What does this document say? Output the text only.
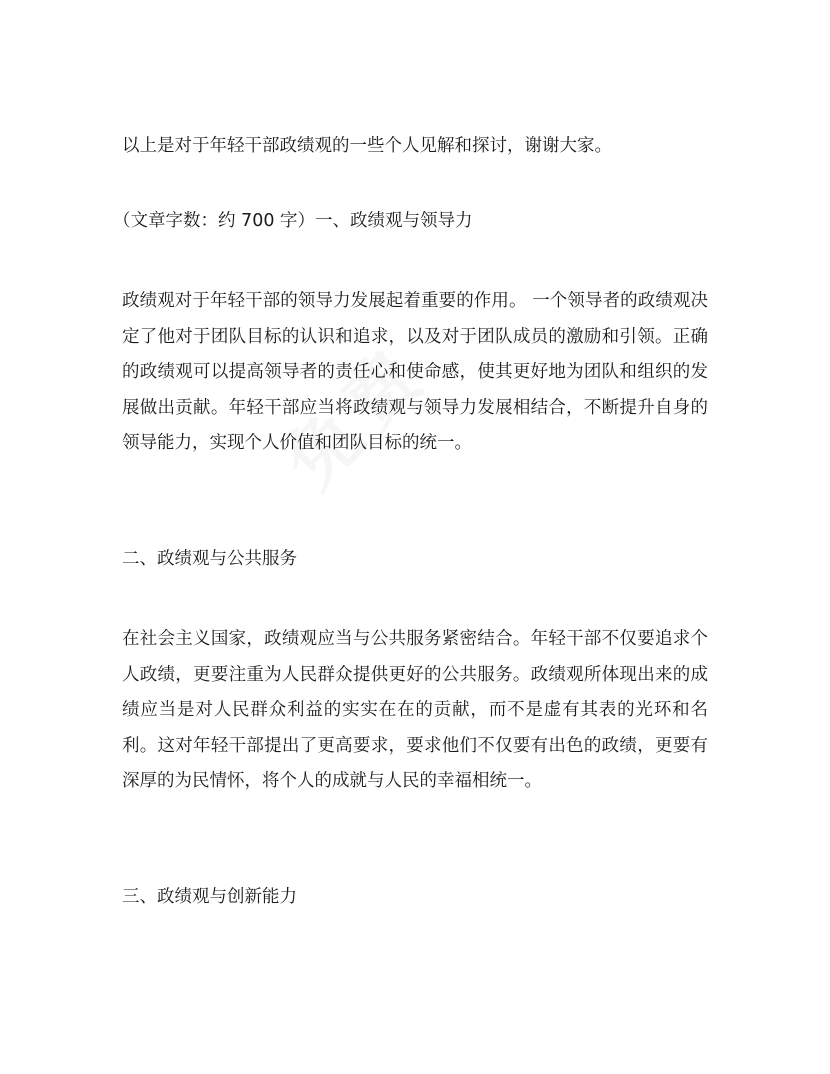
以上是对于年轻干部政绩观的一些个人见解和探讨，谢谢大家。

（文章字数：约 700 字）一、政绩观与领导力

政绩观对于年轻干部的领导力发展起着重要的作用。 一个领导者的政绩观决定了他对于团队目标的认识和追求，以及对于团队成员的激励和引领。正确的政绩观可以提高领导者的责任心和使命感，使其更好地为团队和组织的发展做出贡献。年轻干部应当将政绩观与领导力发展相结合，不断提升自身的领导能力，实现个人价值和团队目标的统一。

二、政绩观与公共服务

在社会主义国家，政绩观应当与公共服务紧密结合。年轻干部不仅要追求个人政绩，更要注重为人民群众提供更好的公共服务。政绩观所体现出来的成绩应当是对人民群众利益的实实在在的贡献，而不是虚有其表的光环和名利。这对年轻干部提出了更高要求，要求他们不仅要有出色的政绩，更要有深厚的为民情怀，将个人的成就与人民的幸福相统一。

三、政绩观与创新能力
